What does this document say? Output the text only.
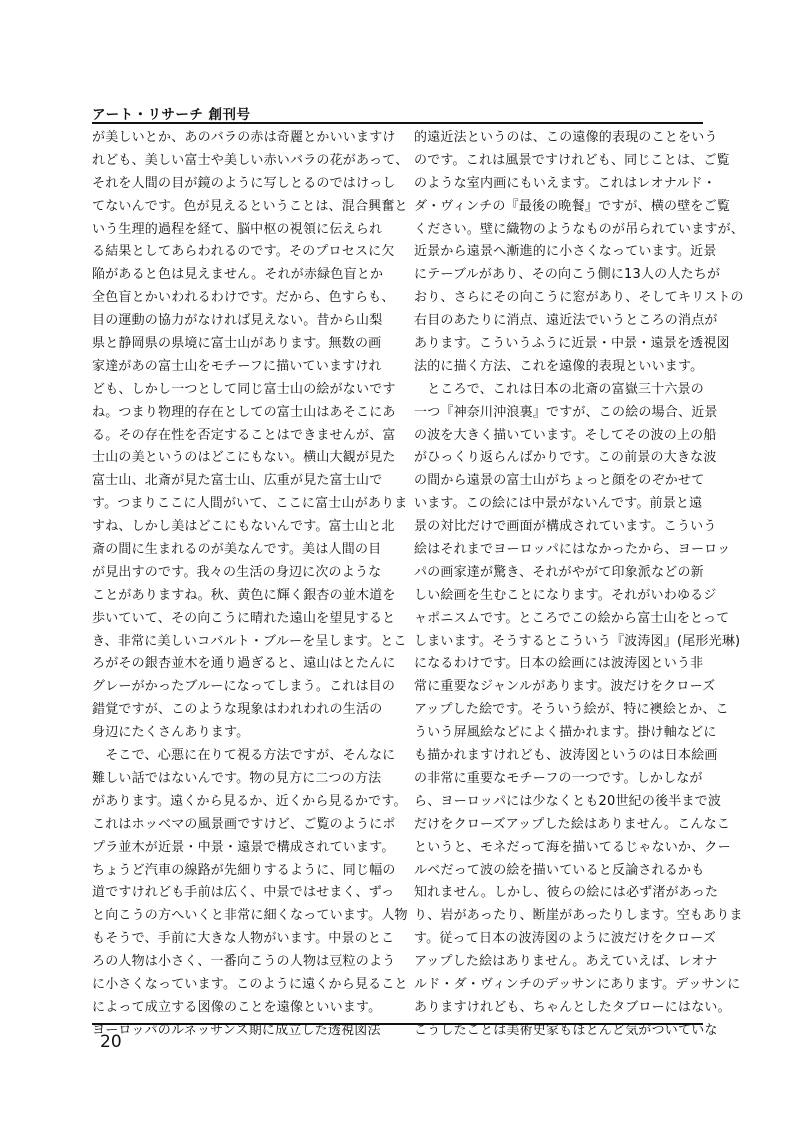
アート・リサーチ 創刊号
が美しいとか、あのバラの赤は奇麗とかいいますけ
れども、美しい富士や美しい赤いバラの花があって、
それを人間の目が鏡のように写しとるのではけっし
てないんです。色が見えるということは、混合興奮と
いう生理的過程を経て、脳中枢の視領に伝えられ
る結果としてあらわれるのです。そのプロセスに欠
陥があると色は見えません。それが赤緑色盲とか
全色盲とかいわれるわけです。だから、色すらも、
目の運動の協力がなければ見えない。昔から山梨
県と静岡県の県境に富士山があります。無数の画
家達があの富士山をモチーフに描いていますけれ
ども、しかし一つとして同じ富士山の絵がないです
ね。つまり物理的存在としての富士山はあそこにあ
る。その存在性を否定することはできませんが、富
士山の美というのはどこにもない。横山大観が見た
富士山、北斎が見た富士山、広重が見た富士山で
す。つまりここに人間がいて、ここに富士山がありま
すね、しかし美はどこにもないんです。富士山と北
斎の間に生まれるのが美なんです。美は人間の目
が見出すのです。我々の生活の身辺に次のような
ことがありますね。秋、黄色に輝く銀杏の並木道を
歩いていて、その向こうに晴れた遠山を望見すると
き、非常に美しいコバルト・ブルーを呈します。とこ
ろがその銀杏並木を通り過ぎると、遠山はとたんに
グレーがかったブルーになってしまう。これは目の
錯覚ですが、このような現象はわれわれの生活の
身辺にたくさんあります。
　そこで、心悪に在りて視る方法ですが、そんなに
難しい話ではないんです。物の見方に二つの方法
があります。遠くから見るか、近くから見るかです。
これはホッベマの風景画ですけど、ご覧のようにポ
プラ並木が近景・中景・遠景で構成されています。
ちょうど汽車の線路が先細りするように、同じ幅の
道ですけれども手前は広く、中景ではせまく、ずっ
と向こうの方へいくと非常に細くなっています。人物
もそうで、手前に大きな人物がいます。中景のとこ
ろの人物は小さく、一番向こうの人物は豆粒のよう
に小さくなっています。このように遠くから見ること
によって成立する図像のことを遠像といいます。
ヨーロッパのルネッサンス期に成立した透視図法
的遠近法というのは、この遠像的表現のことをいう
のです。これは風景ですけれども、同じことは、ご覧
のような室内画にもいえます。これはレオナルド・
ダ・ヴィンチの『最後の晩餐』ですが、横の壁をご覧
ください。壁に織物のようなものが吊られていますが、
近景から遠景へ漸進的に小さくなっています。近景
にテーブルがあり、その向こう側に13人の人たちが
おり、さらにその向こうに窓があり、そしてキリストの
右目のあたりに消点、遠近法でいうところの消点が
あります。こういうふうに近景・中景・遠景を透視図
法的に描く方法、これを遠像的表現といいます。
　ところで、これは日本の北斎の富嶽三十六景の
一つ『神奈川沖浪裏』ですが、この絵の場合、近景
の波を大きく描いています。そしてその波の上の船
がひっくり返らんばかりです。この前景の大きな波
の間から遠景の富士山がちょっと顔をのぞかせて
います。この絵には中景がないんです。前景と遠
景の対比だけで画面が構成されています。こういう
絵はそれまでヨーロッパにはなかったから、ヨーロッ
パの画家達が驚き、それがやがて印象派などの新
しい絵画を生むことになります。それがいわゆるジ
ャポニスムです。ところでこの絵から富士山をとって
しまいます。そうするとこういう『波涛図』(尾形光琳)
になるわけです。日本の絵画には波涛図という非
常に重要なジャンルがあります。波だけをクローズ
アップした絵です。そういう絵が、特に襖絵とか、こ
ういう屏風絵などによく描かれます。掛け軸などに
も描かれますけれども、波涛図というのは日本絵画
の非常に重要なモチーフの一つです。しかしなが
ら、ヨーロッパには少なくとも20世紀の後半まで波
だけをクローズアップした絵はありません。こんなこ
というと、モネだって海を描いてるじゃないか、クー
ルベだって波の絵を描いていると反論されるかも
知れません。しかし、彼らの絵には必ず渚があった
り、岩があったり、断崖があったりします。空もありま
す。従って日本の波涛図のように波だけをクローズ
アップした絵はありません。あえていえば、レオナ
ルド・ダ・ヴィンチのデッサンにあります。デッサンに
ありますけれども、ちゃんとしたタブローにはない。
こうしたことは美術史家もほとんど気がついていな
20
